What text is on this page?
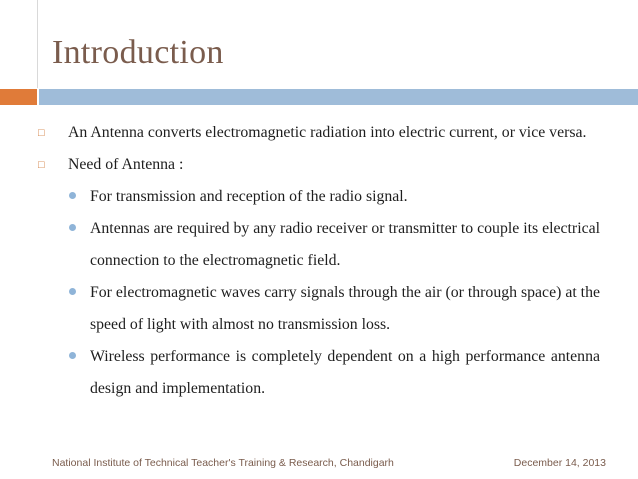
Introduction
□	An Antenna converts electromagnetic radiation into electric current, or vice versa.
□	Need of Antenna :
For transmission and reception of the radio signal.
Antennas are required by any radio receiver or transmitter to couple its electrical connection to the electromagnetic field.
For electromagnetic waves carry signals through the air (or through space) at the speed of light with almost no transmission loss.
Wireless performance is completely dependent on a high performance antenna design and implementation.
National Institute of Technical Teacher's Training & Research, Chandigarh	December 14, 2013
